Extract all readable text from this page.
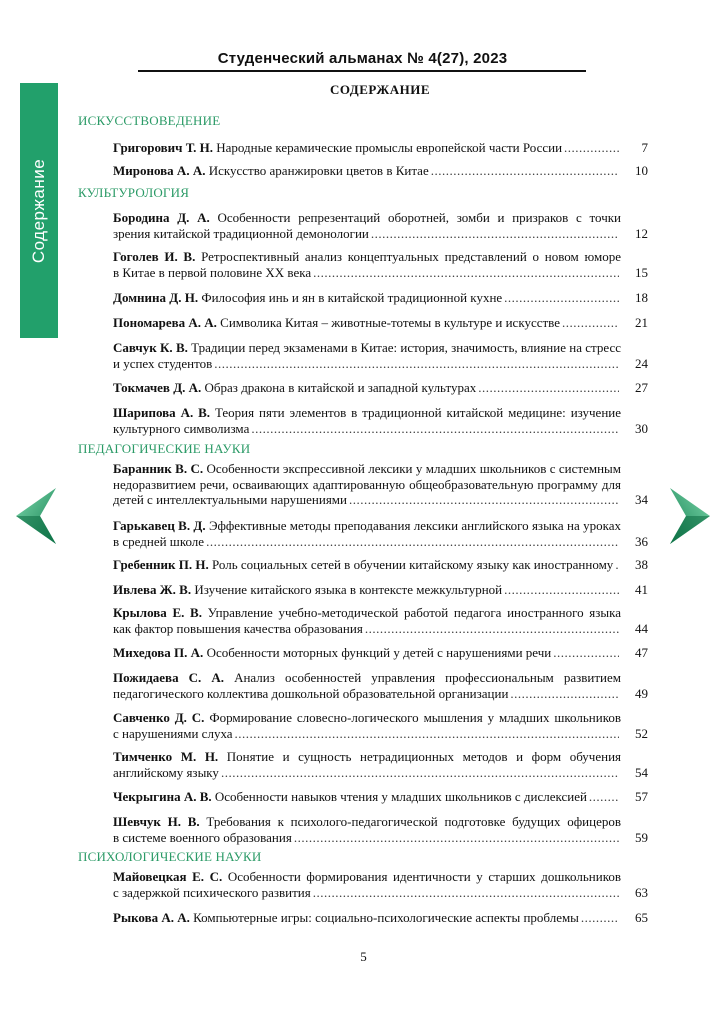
Студенческий альманах № 4(27), 2023
Содержание
СОДЕРЖАНИЕ
ИСКУССТВОВЕДЕНИЕ
Григорович Т. Н. Народные керамические промыслы европейской части России .....	7
Миронова А. А. Искусство аранжировки цветов в Китае .....	10
КУЛЬТУРОЛОГИЯ
Бородина Д. А. Особенности репрезентаций оборотней, зомби и призраков с точки
зрения китайской традиционной демонологии .....	12
Гоголев И. В. Ретроспективный анализ концептуальных представлений о новом юморе
в Китае в первой половине XX века .....	15
Домнина Д. Н. Философия инь и ян в китайской традиционной кухне .....	18
Пономарева А. А. Символика Китая – животные-тотемы в культуре и искусстве .....	21
Савчук К. В. Традиции перед экзаменами в Китае: история, значимость, влияние на стресс
и успех студентов .....	24
Токмачев Д. А. Образ дракона в китайской и западной культурах .....	27
Шарипова А. В. Теория пяти элементов в традиционной китайской медицине: изучение
культурного символизма .....	30
ПЕДАГОГИЧЕСКИЕ НАУКИ
Баранник В. С. Особенности экспрессивной лексики у младших школьников с системным
недоразвитием речи, осваивающих адаптированную общеобразовательную программу для
детей с интеллектуальными нарушениями .....	34
Гарькавец В. Д. Эффективные методы преподавания лексики английского языка на уроках
в средней школе .....	36
Гребенник П. Н. Роль социальных сетей в обучении китайскому языку как иностранному .....	38
Ивлева Ж. В. Изучение китайского языка в контексте межкультурной .....	41
Крылова Е. В. Управление учебно-методической работой педагога иностранного языка
как фактор повышения качества образования .....	44
Михедова П. А. Особенности моторных функций у детей с нарушениями речи .....	47
Пожидаева С. А. Анализ особенностей управления профессиональным развитием
педагогического коллектива дошкольной образовательной организации .....	49
Савченко Д. С. Формирование словесно-логического мышления у младших школьников
с нарушениями слуха .....	52
Тимченко М. Н. Понятие и сущность нетрадиционных методов и форм обучения
английскому языку .....	54
Чекрыгина А. В. Особенности навыков чтения у младших школьников с дислексией .....	57
Шевчук Н. В. Требования к психолого-педагогической подготовке будущих офицеров
в системе военного образования .....	59
ПСИХОЛОГИЧЕСКИЕ НАУКИ
Майовецкая Е. С. Особенности формирования идентичности у старших дошкольников
с задержкой психического развития .....	63
Рыкова А. А. Компьютерные игры: социально-психологические аспекты проблемы .....	65
5
